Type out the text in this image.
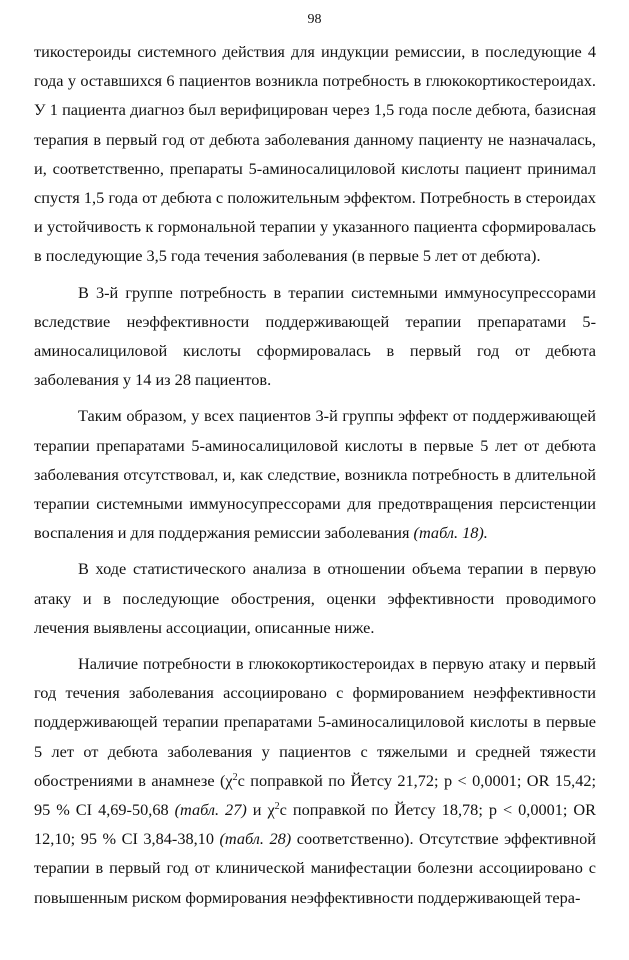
98

тикостероиды системного действия для индукции ремиссии, в последующие 4 года у оставшихся 6 пациентов возникла потребность в глюкокортикостероидах. У 1 пациента диагноз был верифицирован через 1,5 года после дебюта, базисная терапия в первый год от дебюта заболевания данному пациенту не назначалась, и, соответственно, препараты 5-аминосалициловой кислоты пациент принимал спустя 1,5 года от дебюта с положительным эффектом. Потребность в стероидах и устойчивость к гормональной терапии у указанного пациента сформировалась в последующие 3,5 года течения заболевания (в первые 5 лет от дебюта).

В 3-й группе потребность в терапии системными иммуносупрессорами вследствие неэффективности поддерживающей терапии препаратами 5-аминосалициловой кислоты сформировалась в первый год от дебюта заболевания у 14 из 28 пациентов.

Таким образом, у всех пациентов 3-й группы эффект от поддерживающей терапии препаратами 5-аминосалициловой кислоты в первые 5 лет от дебюта заболевания отсутствовал, и, как следствие, возникла потребность в длительной терапии системными иммуносупрессорами для предотвращения персистенции воспаления и для поддержания ремиссии заболевания (табл. 18).

В ходе статистического анализа в отношении объема терапии в первую атаку и в последующие обострения, оценки эффективности проводимого лечения выявлены ассоциации, описанные ниже.

Наличие потребности в глюкокортикостероидах в первую атаку и первый год течения заболевания ассоциировано с формированием неэффективности поддерживающей терапии препаратами 5-аминосалициловой кислоты в первые 5 лет от дебюта заболевания у пациентов с тяжелыми и средней тяжести обострениями в анамнезе ($\chi^2с$ поправкой по Йетсу 21,72; p < 0,0001; OR 15,42; 95 % CI 4,69-50,68 (табл. 27) и $\chi^2с$ поправкой по Йетсу 18,78; p < 0,0001; OR 12,10; 95 % CI 3,84-38,10 (табл. 28) соответственно). Отсутствие эффективной терапии в первый год от клинической манифестации болезни ассоциировано с повышенным риском формирования неэффективности поддерживающей тера-
